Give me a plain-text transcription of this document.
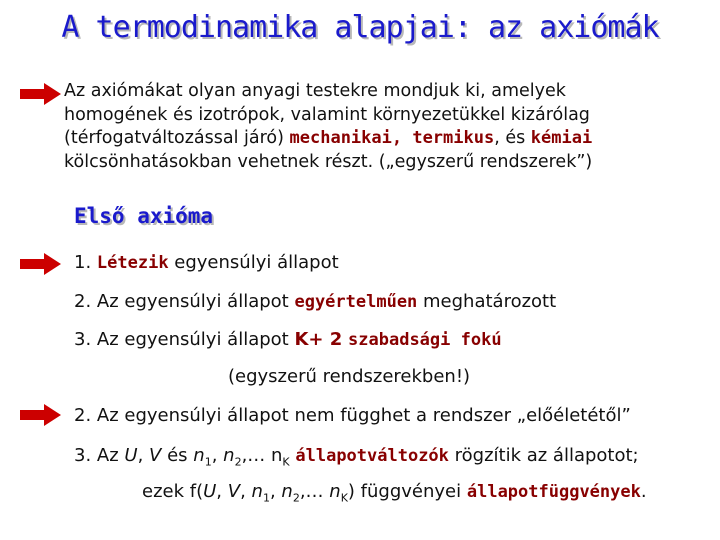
A termodinamika alapjai: az axiómák
Az axiómákat olyan anyagi testekre mondjuk ki, amelyek
homogének és izotrópok, valamint környezetükkel kizárólag
(térfogatváltozással járó) mechanikai, termikus, és kémiai
kölcsönhatásokban vehetnek részt. („egyszerű rendszerek”)
Első axióma
1. Létezik egyensúlyi állapot
2. Az egyensúlyi állapot egyértelműen meghatározott
3. Az egyensúlyi állapot K+ 2 szabadsági fokú
(egyszerű rendszerekben!)
2. Az egyensúlyi állapot nem függhet a rendszer „előéletétől”
3. Az U, V és $n_1$, $n_2,\dots$ $n_K$ állapotváltozók rögzítik az állapotot;
ezek f(U, V, $n_1$, $n_2,\dots$ $n_K$) függvényei állapotfüggvények.
